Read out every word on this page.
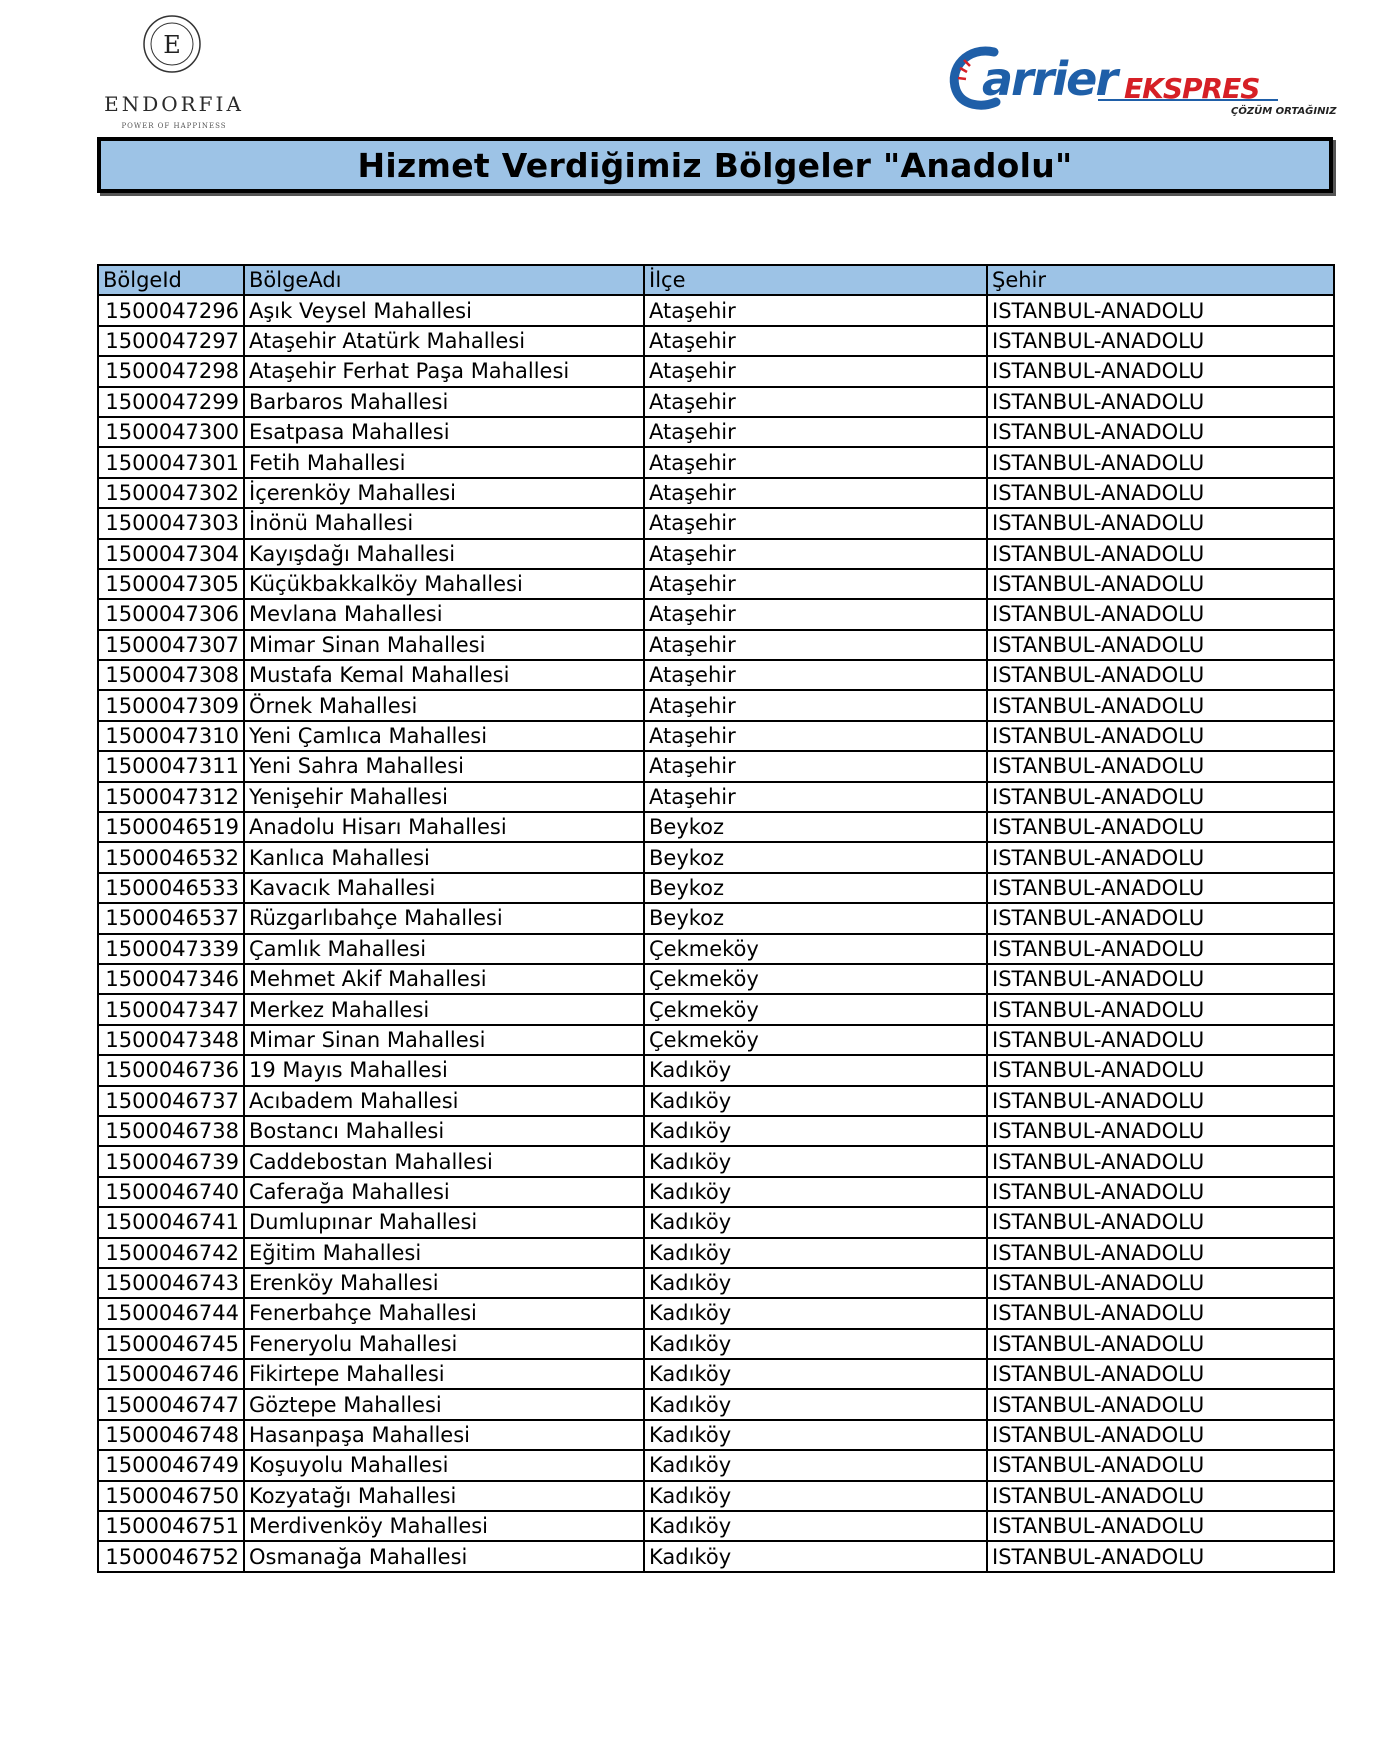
E
ENDORFIA
POWER OF HAPPINESS
arrier EKSPRES
ÇÖZÜM ORTAĞINIZ
Hizmet Verdiğimiz Bölgeler "Anadolu"
BölgeId	BölgeAdı	İlçe	Şehir
1500047296	Aşık Veysel Mahallesi	Ataşehir	ISTANBUL-ANADOLU
1500047297	Ataşehir Atatürk Mahallesi	Ataşehir	ISTANBUL-ANADOLU
1500047298	Ataşehir Ferhat Paşa Mahallesi	Ataşehir	ISTANBUL-ANADOLU
1500047299	Barbaros Mahallesi	Ataşehir	ISTANBUL-ANADOLU
1500047300	Esatpasa Mahallesi	Ataşehir	ISTANBUL-ANADOLU
1500047301	Fetih Mahallesi	Ataşehir	ISTANBUL-ANADOLU
1500047302	İçerenköy Mahallesi	Ataşehir	ISTANBUL-ANADOLU
1500047303	İnönü Mahallesi	Ataşehir	ISTANBUL-ANADOLU
1500047304	Kayışdağı Mahallesi	Ataşehir	ISTANBUL-ANADOLU
1500047305	Küçükbakkalköy Mahallesi	Ataşehir	ISTANBUL-ANADOLU
1500047306	Mevlana Mahallesi	Ataşehir	ISTANBUL-ANADOLU
1500047307	Mimar Sinan Mahallesi	Ataşehir	ISTANBUL-ANADOLU
1500047308	Mustafa Kemal Mahallesi	Ataşehir	ISTANBUL-ANADOLU
1500047309	Örnek Mahallesi	Ataşehir	ISTANBUL-ANADOLU
1500047310	Yeni Çamlıca Mahallesi	Ataşehir	ISTANBUL-ANADOLU
1500047311	Yeni Sahra Mahallesi	Ataşehir	ISTANBUL-ANADOLU
1500047312	Yenişehir Mahallesi	Ataşehir	ISTANBUL-ANADOLU
1500046519	Anadolu Hisarı Mahallesi	Beykoz	ISTANBUL-ANADOLU
1500046532	Kanlıca Mahallesi	Beykoz	ISTANBUL-ANADOLU
1500046533	Kavacık Mahallesi	Beykoz	ISTANBUL-ANADOLU
1500046537	Rüzgarlıbahçe Mahallesi	Beykoz	ISTANBUL-ANADOLU
1500047339	Çamlık Mahallesi	Çekmeköy	ISTANBUL-ANADOLU
1500047346	Mehmet Akif Mahallesi	Çekmeköy	ISTANBUL-ANADOLU
1500047347	Merkez Mahallesi	Çekmeköy	ISTANBUL-ANADOLU
1500047348	Mimar Sinan Mahallesi	Çekmeköy	ISTANBUL-ANADOLU
1500046736	19 Mayıs Mahallesi	Kadıköy	ISTANBUL-ANADOLU
1500046737	Acıbadem Mahallesi	Kadıköy	ISTANBUL-ANADOLU
1500046738	Bostancı Mahallesi	Kadıköy	ISTANBUL-ANADOLU
1500046739	Caddebostan Mahallesi	Kadıköy	ISTANBUL-ANADOLU
1500046740	Caferağa Mahallesi	Kadıköy	ISTANBUL-ANADOLU
1500046741	Dumlupınar Mahallesi	Kadıköy	ISTANBUL-ANADOLU
1500046742	Eğitim Mahallesi	Kadıköy	ISTANBUL-ANADOLU
1500046743	Erenköy Mahallesi	Kadıköy	ISTANBUL-ANADOLU
1500046744	Fenerbahçe Mahallesi	Kadıköy	ISTANBUL-ANADOLU
1500046745	Feneryolu Mahallesi	Kadıköy	ISTANBUL-ANADOLU
1500046746	Fikirtepe Mahallesi	Kadıköy	ISTANBUL-ANADOLU
1500046747	Göztepe Mahallesi	Kadıköy	ISTANBUL-ANADOLU
1500046748	Hasanpaşa Mahallesi	Kadıköy	ISTANBUL-ANADOLU
1500046749	Koşuyolu Mahallesi	Kadıköy	ISTANBUL-ANADOLU
1500046750	Kozyatağı Mahallesi	Kadıköy	ISTANBUL-ANADOLU
1500046751	Merdivenköy Mahallesi	Kadıköy	ISTANBUL-ANADOLU
1500046752	Osmanağa Mahallesi	Kadıköy	ISTANBUL-ANADOLU
